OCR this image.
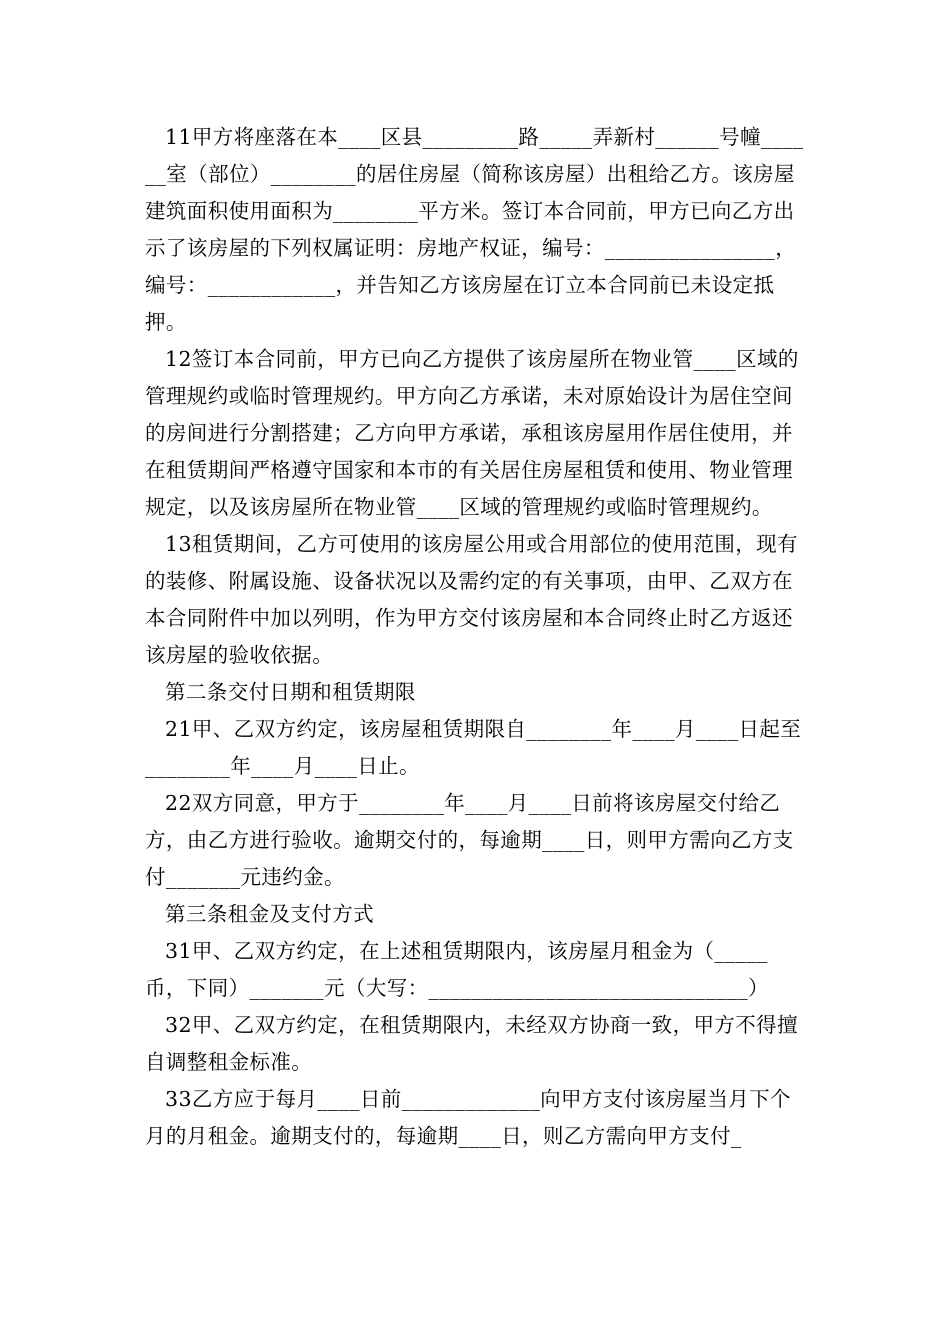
11甲方将座落在本____区县_________路_____弄新村______号幢______室（部位）________的居住房屋（简称该房屋）出租给乙方。该房屋建筑面积使用面积为________平方米。签订本合同前，甲方已向乙方出示了该房屋的下列权属证明：房地产权证，编号：________________，编号：____________，并告知乙方该房屋在订立本合同前已未设定抵押。

12签订本合同前，甲方已向乙方提供了该房屋所在物业管____区域的管理规约或临时管理规约。甲方向乙方承诺，未对原始设计为居住空间的房间进行分割搭建；乙方向甲方承诺，承租该房屋用作居住使用，并在租赁期间严格遵守国家和本市的有关居住房屋租赁和使用、物业管理规定，以及该房屋所在物业管____区域的管理规约或临时管理规约。

13租赁期间，乙方可使用的该房屋公用或合用部位的使用范围，现有的装修、附属设施、设备状况以及需约定的有关事项，由甲、乙双方在本合同附件中加以列明，作为甲方交付该房屋和本合同终止时乙方返还该房屋的验收依据。

第二条交付日期和租赁期限

21甲、乙双方约定，该房屋租赁期限自________年____月____日起至________年____月____日止。

22双方同意，甲方于________年____月____日前将该房屋交付给乙方，由乙方进行验收。逾期交付的，每逾期____日，则甲方需向乙方支付_______元违约金。

第三条租金及支付方式

31甲、乙双方约定，在上述租赁期限内，该房屋月租金为（_____币，下同）_______元（大写：______________________________）

32甲、乙双方约定，在租赁期限内，未经双方协商一致，甲方不得擅自调整租金标准。

33乙方应于每月____日前_____________向甲方支付该房屋当月下个月的月租金。逾期支付的，每逾期____日，则乙方需向甲方支付_
